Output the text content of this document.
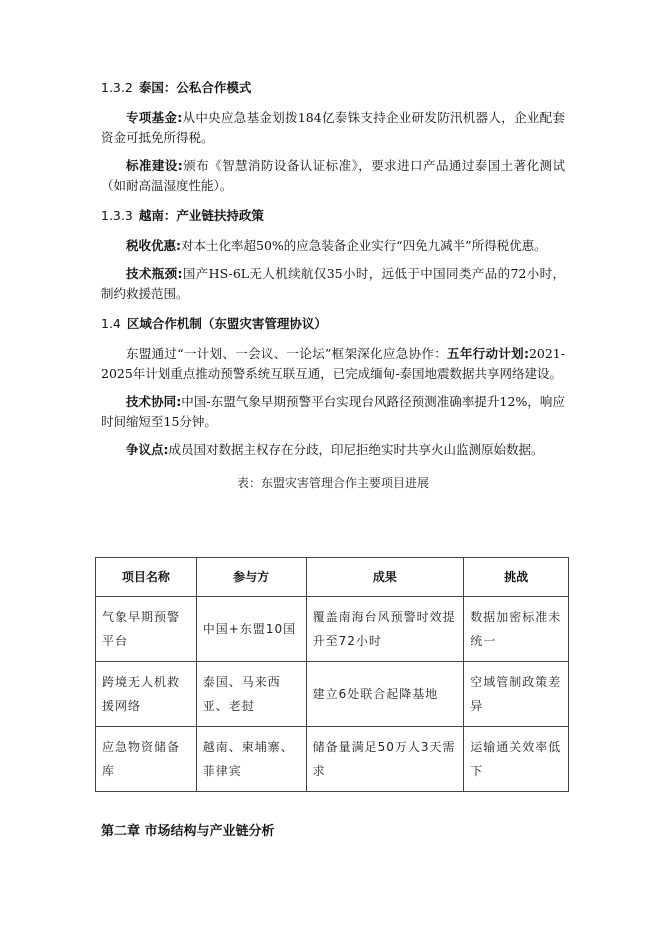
1.3.2 泰国：公私合作模式

专项基金:从中央应急基金划拨184亿泰铢支持企业研发防汛机器人，企业配套资金可抵免所得税。

标准建设:颁布《智慧消防设备认证标准》，要求进口产品通过泰国土著化测试（如耐高温湿度性能）。

1.3.3 越南：产业链扶持政策

税收优惠:对本土化率超50%的应急装备企业实行“四免九减半”所得税优惠。

技术瓶颈:国产HS-6L无人机续航仅35小时，远低于中国同类产品的72小时，制约救援范围。

1.4 区域合作机制（东盟灾害管理协议）

东盟通过“一计划、一会议、一论坛”框架深化应急协作：五年行动计划:2021-2025年计划重点推动预警系统互联互通，已完成缅甸-泰国地震数据共享网络建设。

技术协同:中国-东盟气象早期预警平台实现台风路径预测准确率提升12%，响应时间缩短至15分钟。

争议点:成员国对数据主权存在分歧，印尼拒绝实时共享火山监测原始数据。

表：东盟灾害管理合作主要项目进展
项目名称	参与方	成果	挑战
气象早期预警平台	中国+东盟10国	覆盖南海台风预警时效提升至72小时	数据加密标准未统一
跨境无人机救援网络	泰国、马来西亚、老挝	建立6处联合起降基地	空域管制政策差异
应急物资储备库	越南、柬埔寨、菲律宾	储备量满足50万人3天需求	运输通关效率低下
第二章 市场结构与产业链分析
